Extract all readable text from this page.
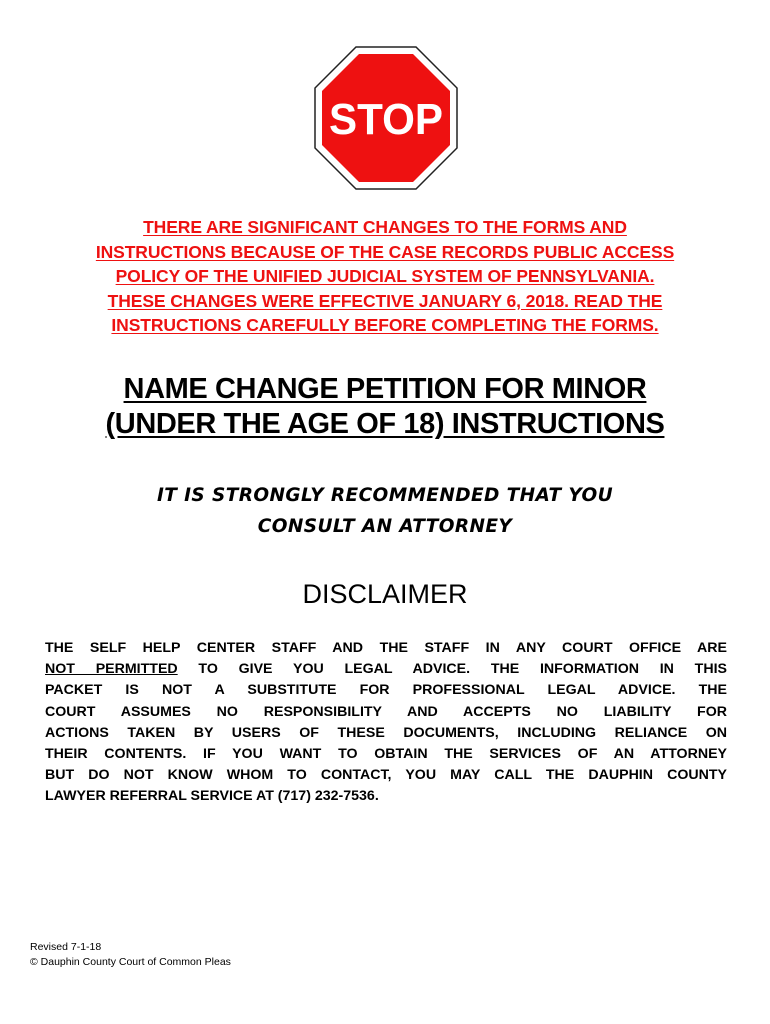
STOP
THERE ARE SIGNIFICANT CHANGES TO THE FORMS AND
INSTRUCTIONS BECAUSE OF THE CASE RECORDS PUBLIC ACCESS
POLICY OF THE UNIFIED JUDICIAL SYSTEM OF PENNSYLVANIA.
THESE CHANGES WERE EFFECTIVE JANUARY 6, 2018. READ THE
INSTRUCTIONS CAREFULLY BEFORE COMPLETING THE FORMS.
NAME CHANGE PETITION FOR MINOR
(UNDER THE AGE OF 18) INSTRUCTIONS
IT IS STRONGLY RECOMMENDED THAT YOU
CONSULT AN ATTORNEY
DISCLAIMER
THE SELF HELP CENTER STAFF AND THE STAFF IN ANY COURT OFFICE ARE
NOT PERMITTED TO GIVE YOU LEGAL ADVICE. THE INFORMATION IN THIS
PACKET IS NOT A SUBSTITUTE FOR PROFESSIONAL LEGAL ADVICE. THE
COURT ASSUMES NO RESPONSIBILITY AND ACCEPTS NO LIABILITY FOR
ACTIONS TAKEN BY USERS OF THESE DOCUMENTS, INCLUDING RELIANCE ON
THEIR CONTENTS. IF YOU WANT TO OBTAIN THE SERVICES OF AN ATTORNEY
BUT DO NOT KNOW WHOM TO CONTACT, YOU MAY CALL THE DAUPHIN COUNTY
LAWYER REFERRAL SERVICE AT (717) 232-7536.
Revised 7-1-18
© Dauphin County Court of Common Pleas
